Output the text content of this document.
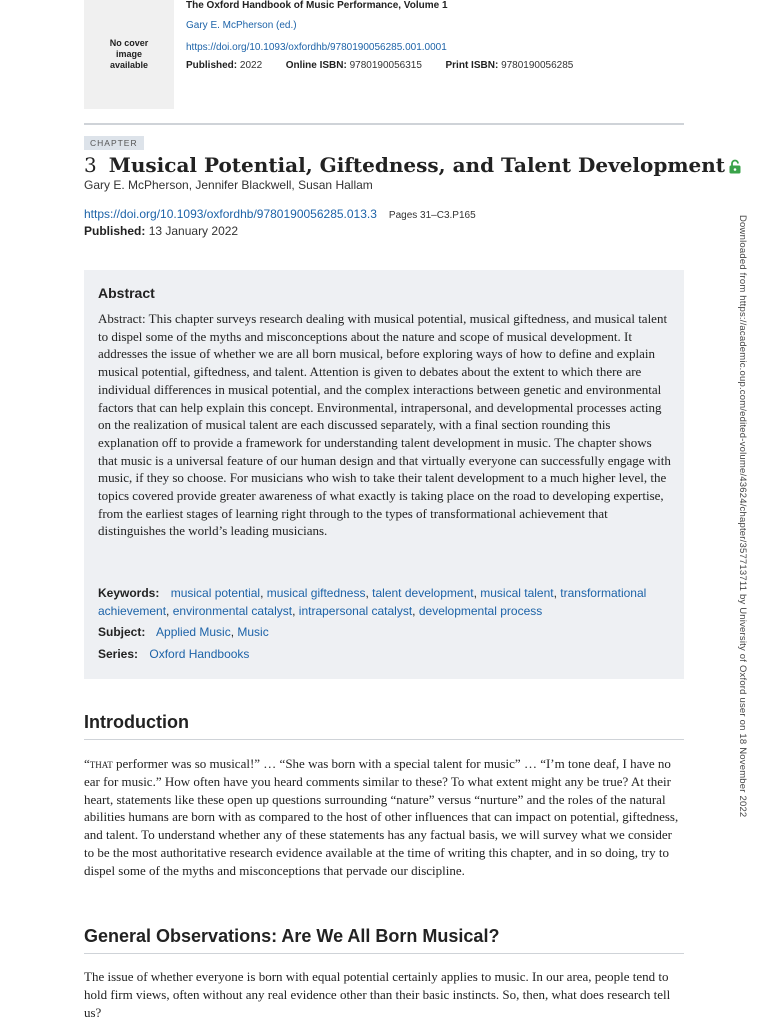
No cover image available
The Oxford Handbook of Music Performance, Volume 1
Gary E. McPherson (ed.)
https://doi.org/10.1093/oxfordhb/9780190056285.001.0001
Published: 2022 Online ISBN: 9780190056315 Print ISBN: 9780190056285
CHAPTER
3 Musical Potential, Giftedness, and Talent Development
Gary E. McPherson, Jennifer Blackwell, Susan Hallam
https://doi.org/10.1093/oxfordhb/9780190056285.013.3 Pages 31–C3.P165
Published: 13 January 2022
Abstract
Abstract: This chapter surveys research dealing with musical potential, musical giftedness, and musical talent to dispel some of the myths and misconceptions about the nature and scope of musical development. It addresses the issue of whether we are all born musical, before exploring ways of how to define and explain musical potential, giftedness, and talent. Attention is given to debates about the extent to which there are individual differences in musical potential, and the complex interactions between genetic and environmental factors that can help explain this concept. Environmental, intrapersonal, and developmental processes acting on the realization of musical talent are each discussed separately, with a final section rounding this explanation off to provide a framework for understanding talent development in music. The chapter shows that music is a universal feature of our human design and that virtually everyone can successfully engage with music, if they so choose. For musicians who wish to take their talent development to a much higher level, the topics covered provide greater awareness of what exactly is taking place on the road to developing expertise, from the earliest stages of learning right through to the types of transformational achievement that distinguishes the world’s leading musicians.
Keywords: musical potential, musical giftedness, talent development, musical talent, transformational achievement, environmental catalyst, intrapersonal catalyst, developmental process
Subject: Applied Music, Music
Series: Oxford Handbooks
Introduction
“that performer was so musical!” … “She was born with a special talent for music” … “I’m tone deaf, I have no ear for music.” How often have you heard comments similar to these? To what extent might any be true? At their heart, statements like these open up questions surrounding “nature” versus “nurture” and the roles of the natural abilities humans are born with as compared to the host of other influences that can impact on potential, giftedness, and talent. To understand whether any of these statements has any factual basis, we will survey what we consider to be the most authoritative research evidence available at the time of writing this chapter, and in so doing, try to dispel some of the myths and misconceptions that pervade our discipline.
General Observations: Are We All Born Musical?
The issue of whether everyone is born with equal potential certainly applies to music. In our area, people tend to hold firm views, often without any real evidence other than their basic instincts. So, then, what does research tell us?
Downloaded from https://academic.oup.com/edited-volume/43624/chapter/357713711 by University of Oxford user on 18 November 2022
